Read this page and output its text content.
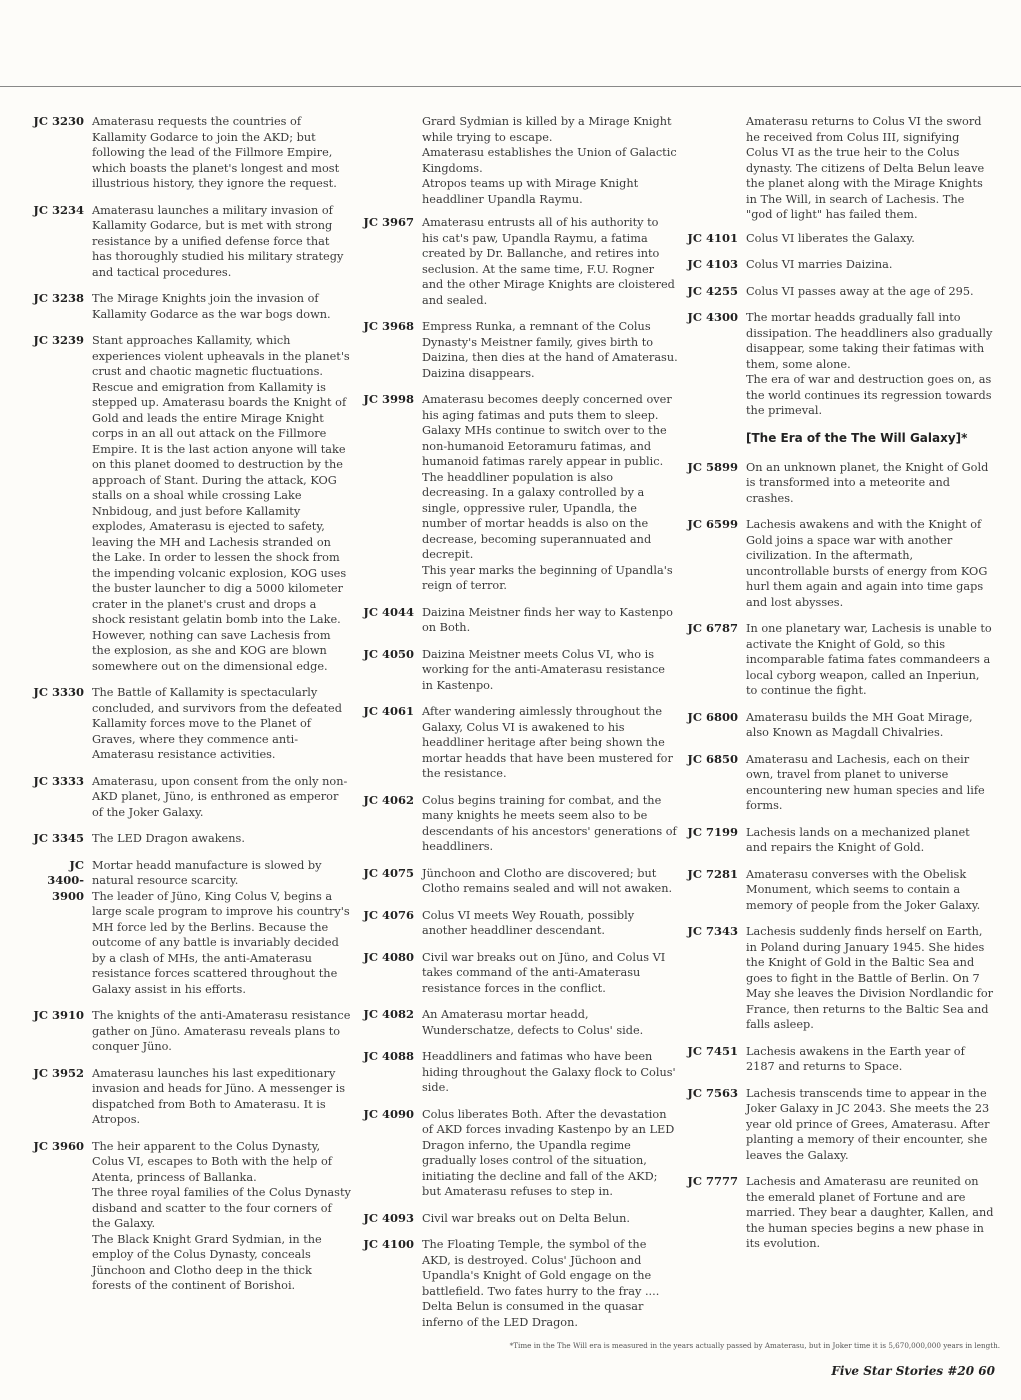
JC 3230 Amaterasu requests the countries of Kallamity Godarce to join the AKD; but following the lead of the Fillmore Empire, which boasts the planet's longest and most illustrious history, they ignore the request.
JC 3234 Amaterasu launches a military invasion of Kallamity Godarce, but is met with strong resistance by a unified defense force that has thoroughly studied his military strategy and tactical procedures.
JC 3238 The Mirage Knights join the invasion of Kallamity Godarce as the war bogs down.
JC 3239 Stant approaches Kallamity, which experiences violent upheavals in the planet's crust and chaotic magnetic fluctuations. Rescue and emigration from Kallamity is stepped up. Amaterasu boards the Knight of Gold and leads the entire Mirage Knight corps in an all out attack on the Fillmore Empire. It is the last action anyone will take on this planet doomed to destruction by the approach of Stant. During the attack, KOG stalls on a shoal while crossing Lake Nnbidoug, and just before Kallamity explodes, Amaterasu is ejected to safety, leaving the MH and Lachesis stranded on the Lake. In order to lessen the shock from the impending volcanic explosion, KOG uses the buster launcher to dig a 5000 kilometer crater in the planet's crust and drops a shock resistant gelatin bomb into the Lake. However, nothing can save Lachesis from the explosion, as she and KOG are blown somewhere out on the dimensional edge.
JC 3330 The Battle of Kallamity is spectacularly concluded, and survivors from the defeated Kallamity forces move to the Planet of Graves, where they commence anti-Amaterasu resistance activities.
JC 3333 Amaterasu, upon consent from the only non-AKD planet, Jüno, is enthroned as emperor of the Joker Galaxy.
JC 3345 The LED Dragon awakens.
JC 3400-3900
Mortar headd manufacture is slowed by natural resource scarcity.
The leader of Jüno, King Colus V, begins a large scale program to improve his country's MH force led by the Berlins. Because the outcome of any battle is invariably decided by a clash of MHs, the anti-Amaterasu resistance forces scattered throughout the Galaxy assist in his efforts.
JC 3910 The knights of the anti-Amaterasu resistance gather on Jüno. Amaterasu reveals plans to conquer Jüno.
JC 3952 Amaterasu launches his last expeditionary invasion and heads for Jüno. A messenger is dispatched from Both to Amaterasu. It is Atropos.
JC 3960 The heir apparent to the Colus Dynasty, Colus VI, escapes to Both with the help of Atenta, princess of Ballanka.
The three royal families of the Colus Dynasty disband and scatter to the four corners of the Galaxy.
The Black Knight Grard Sydmian, in the employ of the Colus Dynasty, conceals Jünchoon and Clotho deep in the thick forests of the continent of Borishoi.
Grard Sydmian is killed by a Mirage Knight while trying to escape.
Amaterasu establishes the Union of Galactic Kingdoms.
Atropos teams up with Mirage Knight headdliner Upandla Raymu.
JC 3967 Amaterasu entrusts all of his authority to his cat's paw, Upandla Raymu, a fatima created by Dr. Ballanche, and retires into seclusion. At the same time, F.U. Rogner and the other Mirage Knights are cloistered and sealed.
JC 3968 Empress Runka, a remnant of the Colus Dynasty's Meistner family, gives birth to Daizina, then dies at the hand of Amaterasu. Daizina disappears.
JC 3998 Amaterasu becomes deeply concerned over his aging fatimas and puts them to sleep.
Galaxy MHs continue to switch over to the non-humanoid Eetoramuru fatimas, and humanoid fatimas rarely appear in public. The headdliner population is also decreasing. In a galaxy controlled by a single, oppressive ruler, Upandla, the number of mortar headds is also on the decrease, becoming superannuated and decrepit.
This year marks the beginning of Upandla's reign of terror.
JC 4044 Daizina Meistner finds her way to Kastenpo on Both.
JC 4050 Daizina Meistner meets Colus VI, who is working for the anti-Amaterasu resistance in Kastenpo.
JC 4061 After wandering aimlessly throughout the Galaxy, Colus VI is awakened to his headdliner heritage after being shown the mortar headds that have been mustered for the resistance.
JC 4062 Colus begins training for combat, and the many knights he meets seem also to be descendants of his ancestors' generations of headdliners.
JC 4075 Jünchoon and Clotho are discovered; but Clotho remains sealed and will not awaken.
JC 4076 Colus VI meets Wey Rouath, possibly another headdliner descendant.
JC 4080 Civil war breaks out on Jüno, and Colus VI takes command of the anti-Amaterasu resistance forces in the conflict.
JC 4082 An Amaterasu mortar headd, Wunderschatze, defects to Colus' side.
JC 4088 Headdliners and fatimas who have been hiding throughout the Galaxy flock to Colus' side.
JC 4090 Colus liberates Both. After the devastation of AKD forces invading Kastenpo by an LED Dragon inferno, the Upandla regime gradually loses control of the situation, initiating the decline and fall of the AKD; but Amaterasu refuses to step in.
JC 4093 Civil war breaks out on Delta Belun.
JC 4100 The Floating Temple, the symbol of the AKD, is destroyed. Colus' Jüchoon and Upandla's Knight of Gold engage on the battlefield. Two fates hurry to the fray ....
Delta Belun is consumed in the quasar inferno of the LED Dragon.
Amaterasu returns to Colus VI the sword he received from Colus III, signifying Colus VI as the true heir to the Colus dynasty. The citizens of Delta Belun leave the planet along with the Mirage Knights in The Will, in search of Lachesis. The "god of light" has failed them.
JC 4101 Colus VI liberates the Galaxy.
JC 4103 Colus VI marries Daizina.
JC 4255 Colus VI passes away at the age of 295.
JC 4300 The mortar headds gradually fall into dissipation. The headdliners also gradually disappear, some taking their fatimas with them, some alone.
The era of war and destruction goes on, as the world continues its regression towards the primeval.
[The Era of the The Will Galaxy]*
JC 5899 On an unknown planet, the Knight of Gold is transformed into a meteorite and crashes.
JC 6599 Lachesis awakens and with the Knight of Gold joins a space war with another civilization. In the aftermath, uncontrollable bursts of energy from KOG hurl them again and again into time gaps and lost abysses.
JC 6787 In one planetary war, Lachesis is unable to activate the Knight of Gold, so this incomparable fatima fates commandeers a local cyborg weapon, called an Inperiun, to continue the fight.
JC 6800 Amaterasu builds the MH Goat Mirage, also Known as Magdall Chivalries.
JC 6850 Amaterasu and Lachesis, each on their own, travel from planet to universe encountering new human species and life forms.
JC 7199 Lachesis lands on a mechanized planet and repairs the Knight of Gold.
JC 7281 Amaterasu converses with the Obelisk Monument, which seems to contain a memory of people from the Joker Galaxy.
JC 7343 Lachesis suddenly finds herself on Earth, in Poland during January 1945. She hides the Knight of Gold in the Baltic Sea and goes to fight in the Battle of Berlin. On 7 May she leaves the Division Nordlandic for France, then returns to the Baltic Sea and falls asleep.
JC 7451 Lachesis awakens in the Earth year of 2187 and returns to Space.
JC 7563 Lachesis transcends time to appear in the Joker Galaxy in JC 2043. She meets the 23 year old prince of Grees, Amaterasu. After planting a memory of their encounter, she leaves the Galaxy.
JC 7777 Lachesis and Amaterasu are reunited on the emerald planet of Fortune and are married. They bear a daughter, Kallen, and the human species begins a new phase in its evolution.
*Time in the The Will era is measured in the years actually passed by Amaterasu, but in Joker time it is 5,670,000,000 years in length.
Five Star Stories #20 60
